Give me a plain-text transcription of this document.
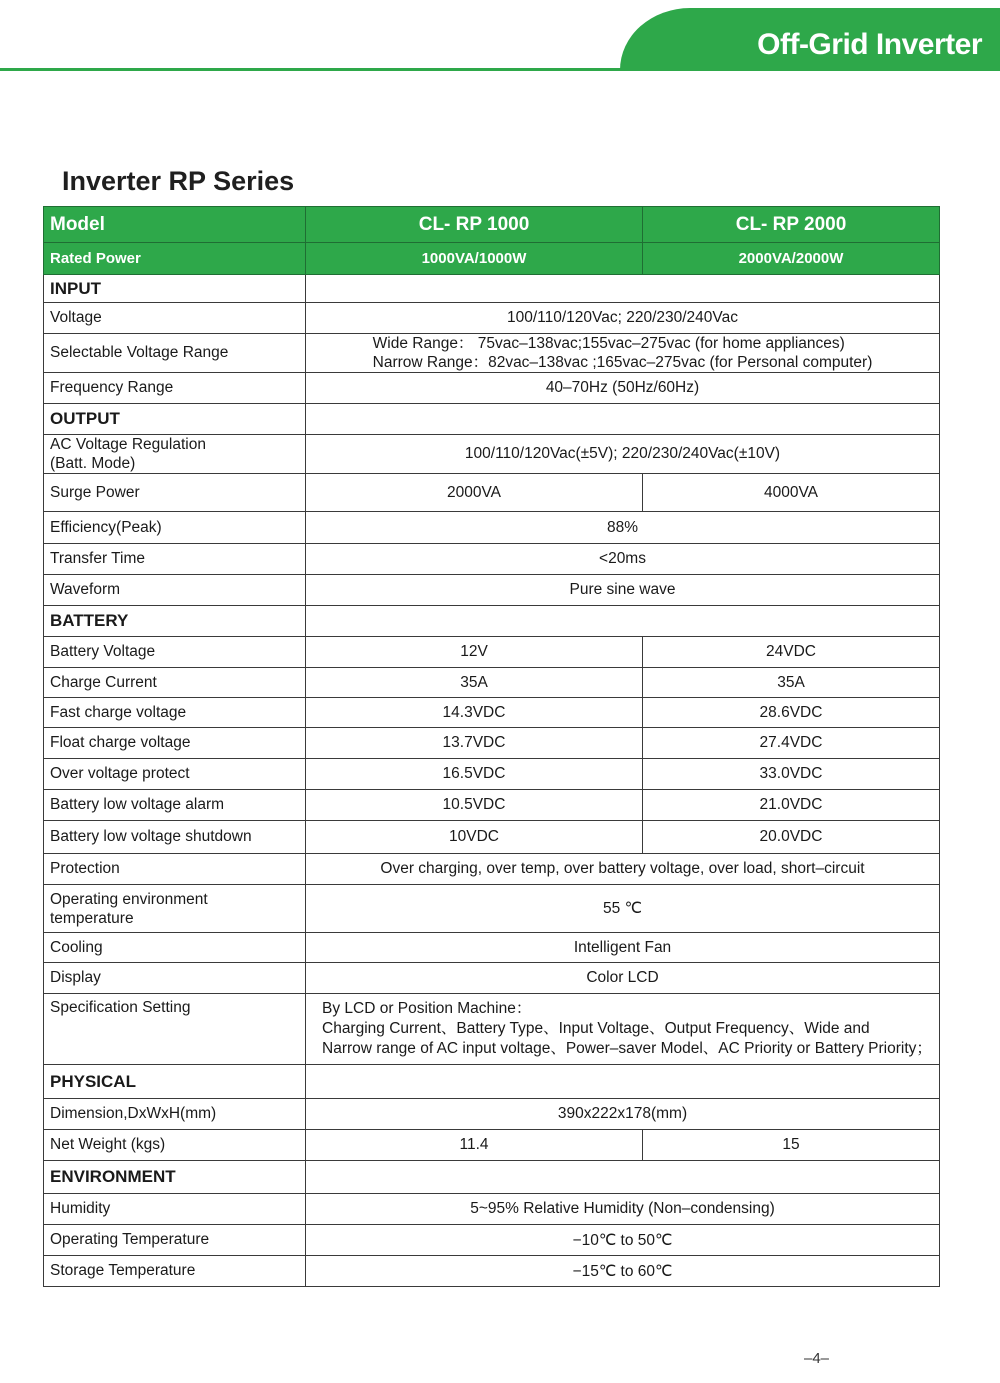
Off-Grid Inverter
Inverter RP Series
Model	CL- RP 1000	CL- RP 2000
Rated Power	1000VA/1000W	2000VA/2000W
INPUT		
Voltage	100/110/120Vac; 220/230/240Vac	
Selectable Voltage Range	Wide Range： 75vac–138vac;155vac–275vac (for home appliances)
Narrow Range：82vac–138vac ;165vac–275vac (for Personal computer)	

Frequency Range	40–70Hz (50Hz/60Hz)	
OUTPUT		

AC Voltage Regulation
(Batt. Mode)	100/110/120Vac(±5V); 220/230/240Vac(±10V)	
Surge Power	2000VA	4000VA
Efficiency(Peak)	88%	
Transfer Time	<20ms	
Waveform	Pure sine wave	
BATTERY		
Battery Voltage	12V	24VDC
Charge Current	35A	35A
Fast charge voltage	14.3VDC	28.6VDC
Float charge voltage	13.7VDC	27.4VDC
Over voltage protect	16.5VDC	33.0VDC
Battery low voltage alarm	10.5VDC	21.0VDC
Battery low voltage shutdown	10VDC	20.0VDC
Protection	Over charging, over temp, over battery voltage, over load, short–circuit	

Operating environment
temperature	55 ℃	
Cooling	Intelligent Fan	
Display	Color LCD	
Specification Setting	By LCD or Position Machine：
Charging Current、Battery Type、Input Voltage、Output Frequency、Wide and
Narrow range of AC input voltage、Power–saver Model、AC Priority or Battery Priority；	

PHYSICAL		
Dimension,DxWxH(mm)	390x222x178(mm)	
Net Weight (kgs)	11.4	15
ENVIRONMENT		
Humidity	5~95% Relative Humidity (Non–condensing)	
Operating Temperature	−10℃ to 50℃	
Storage Temperature	−15℃ to 60℃	
–4–
